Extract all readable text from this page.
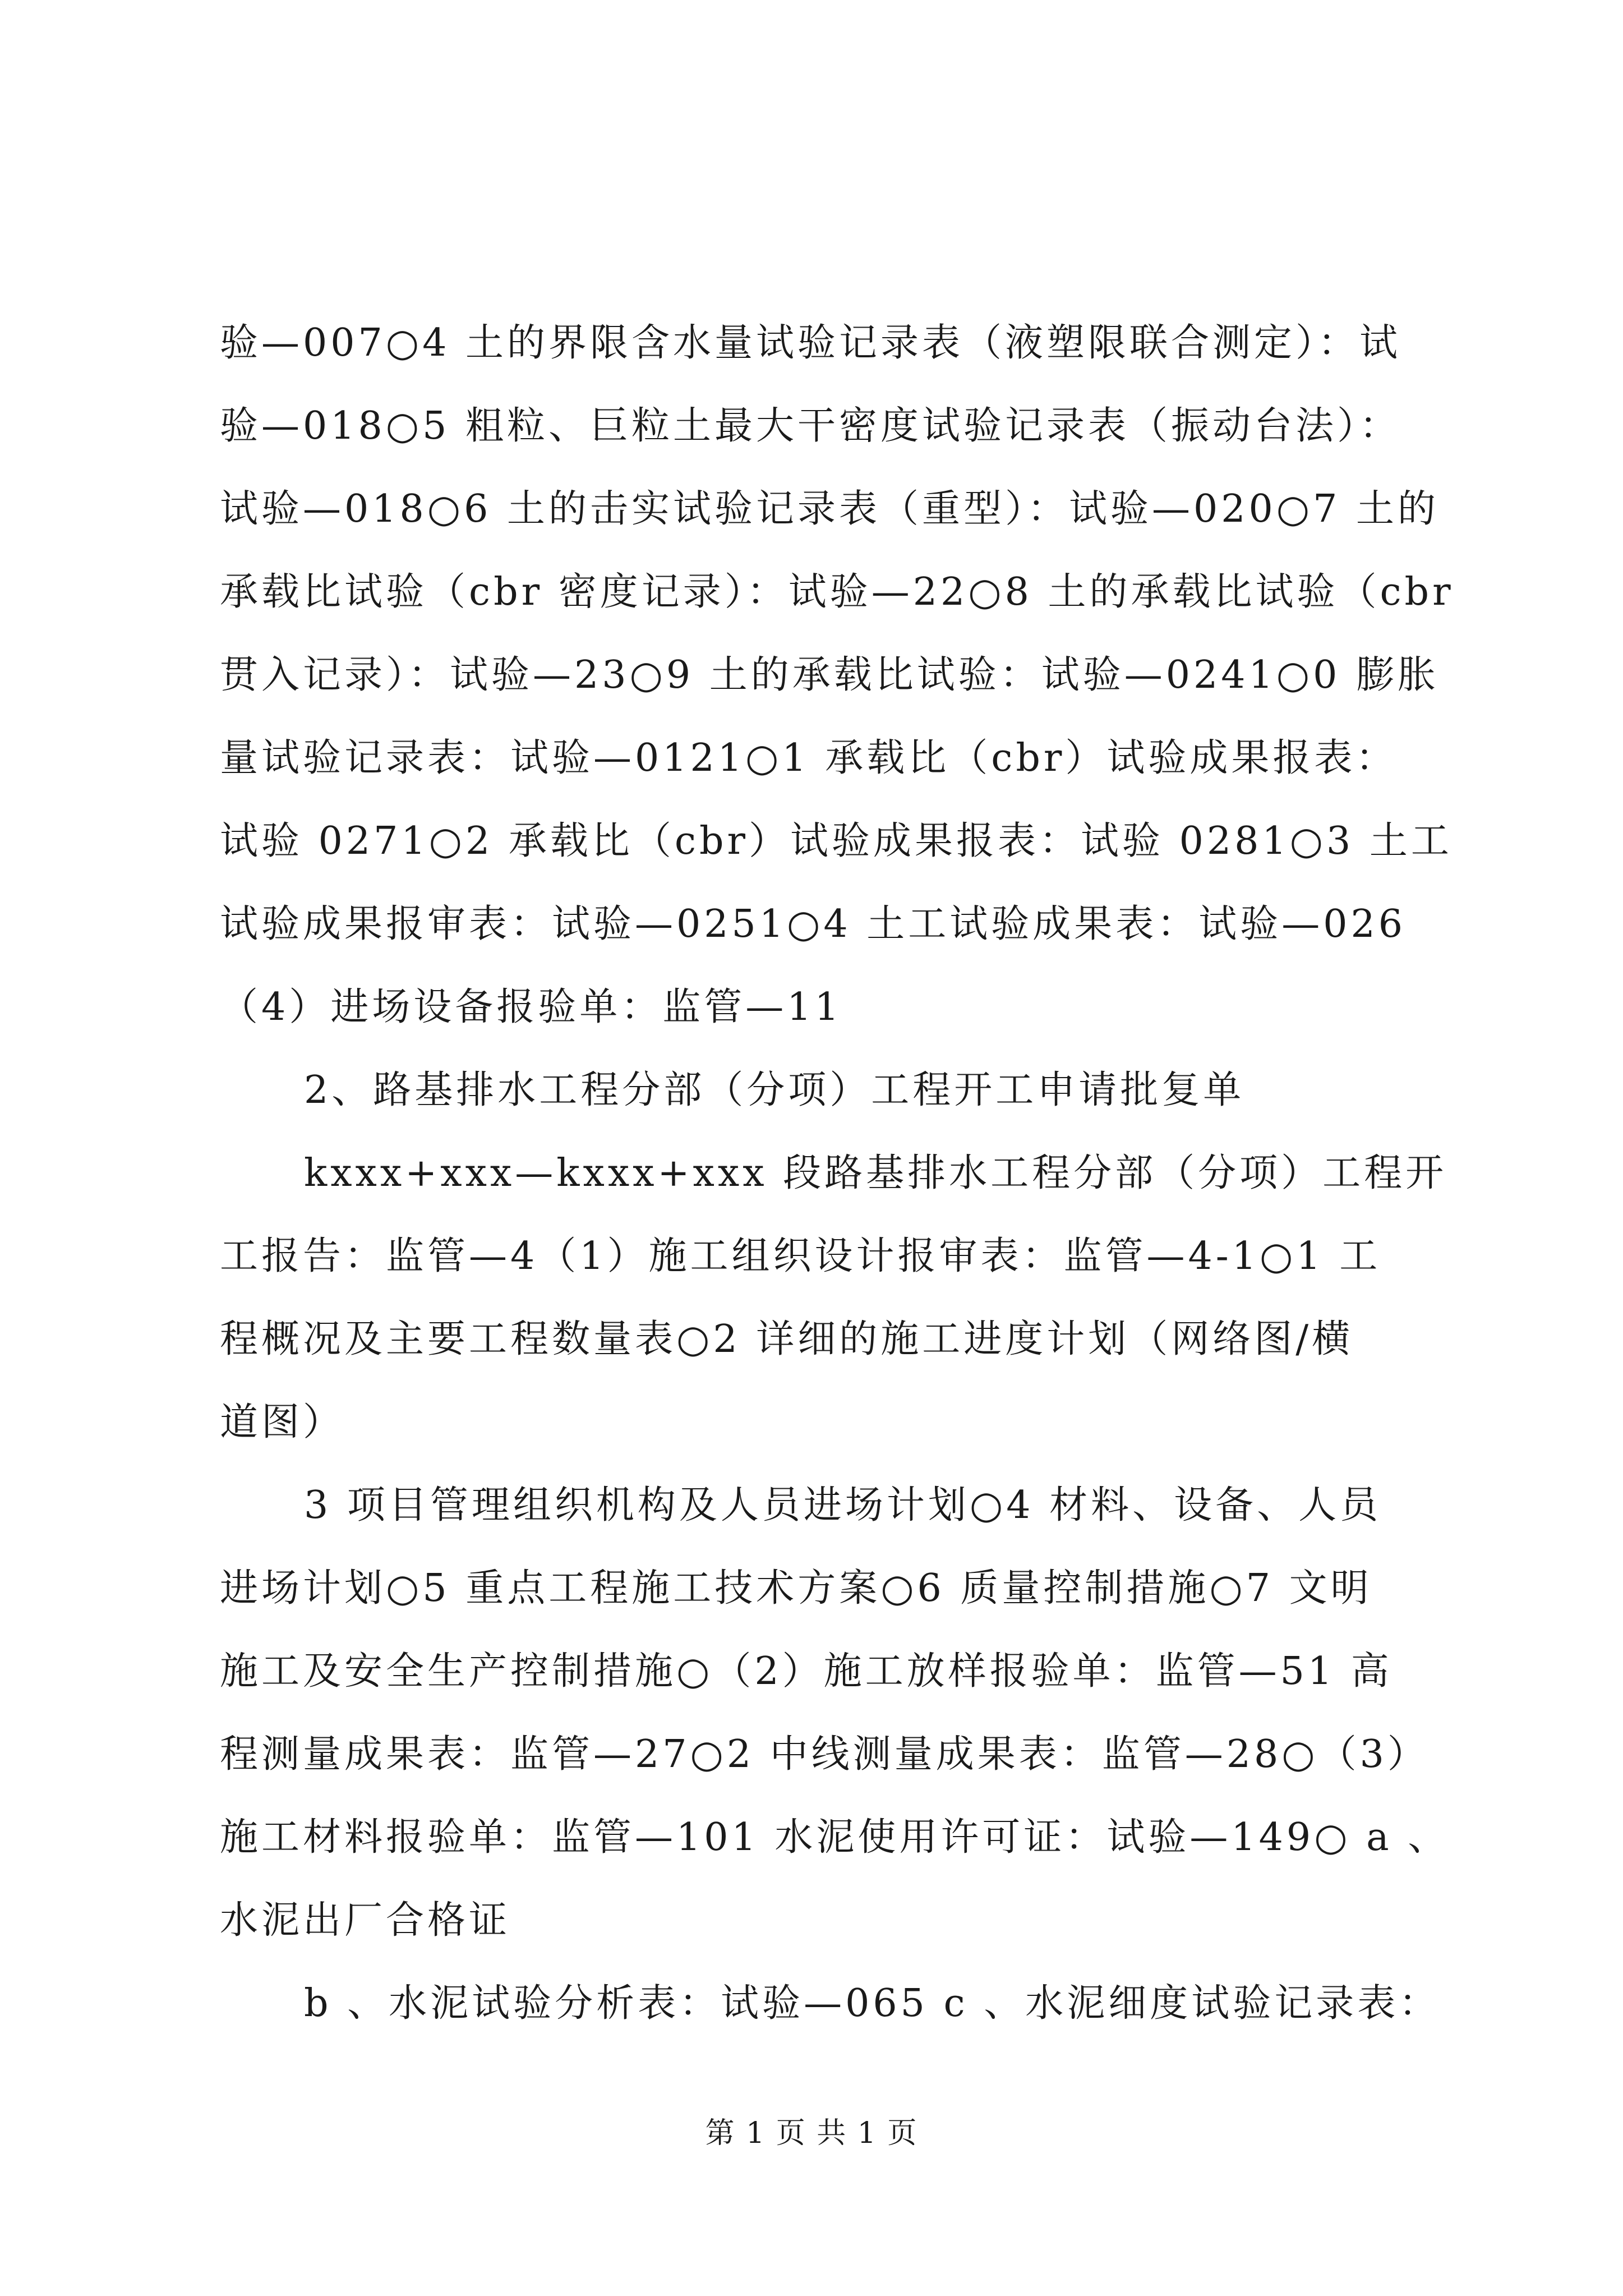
验—007○4 土的界限含水量试验记录表（液塑限联合测定）：试
验—018○5 粗粒、巨粒土最大干密度试验记录表（振动台法）：
试验—018○6 土的击实试验记录表（重型）：试验—020○7 土的
承载比试验（cbr 密度记录）：试验—22○8 土的承载比试验（cbr
贯入记录）：试验—23○9 土的承载比试验：试验—0241○0 膨胀
量试验记录表：试验—0121○1 承载比（cbr）试验成果报表：
试验 0271○2 承载比（cbr）试验成果报表：试验 0281○3 土工
试验成果报审表：试验—0251○4 土工试验成果表：试验—026
（4）进场设备报验单：监管—11
2、路基排水工程分部（分项）工程开工申请批复单
kxxx+xxx—kxxx+xxx 段路基排水工程分部（分项）工程开
工报告：监管—4（1）施工组织设计报审表：监管—4-1○1 工
程概况及主要工程数量表○2 详细的施工进度计划（网络图/横
道图）
3 项目管理组织机构及人员进场计划○4 材料、设备、人员
进场计划○5 重点工程施工技术方案○6 质量控制措施○7 文明
施工及安全生产控制措施○（2）施工放样报验单：监管—51 高
程测量成果表：监管—27○2 中线测量成果表：监管—28○（3）
施工材料报验单：监管—101 水泥使用许可证：试验—149○ a 、
水泥出厂合格证
b 、水泥试验分析表：试验—065 c 、水泥细度试验记录表：
第 1 页 共 1 页
